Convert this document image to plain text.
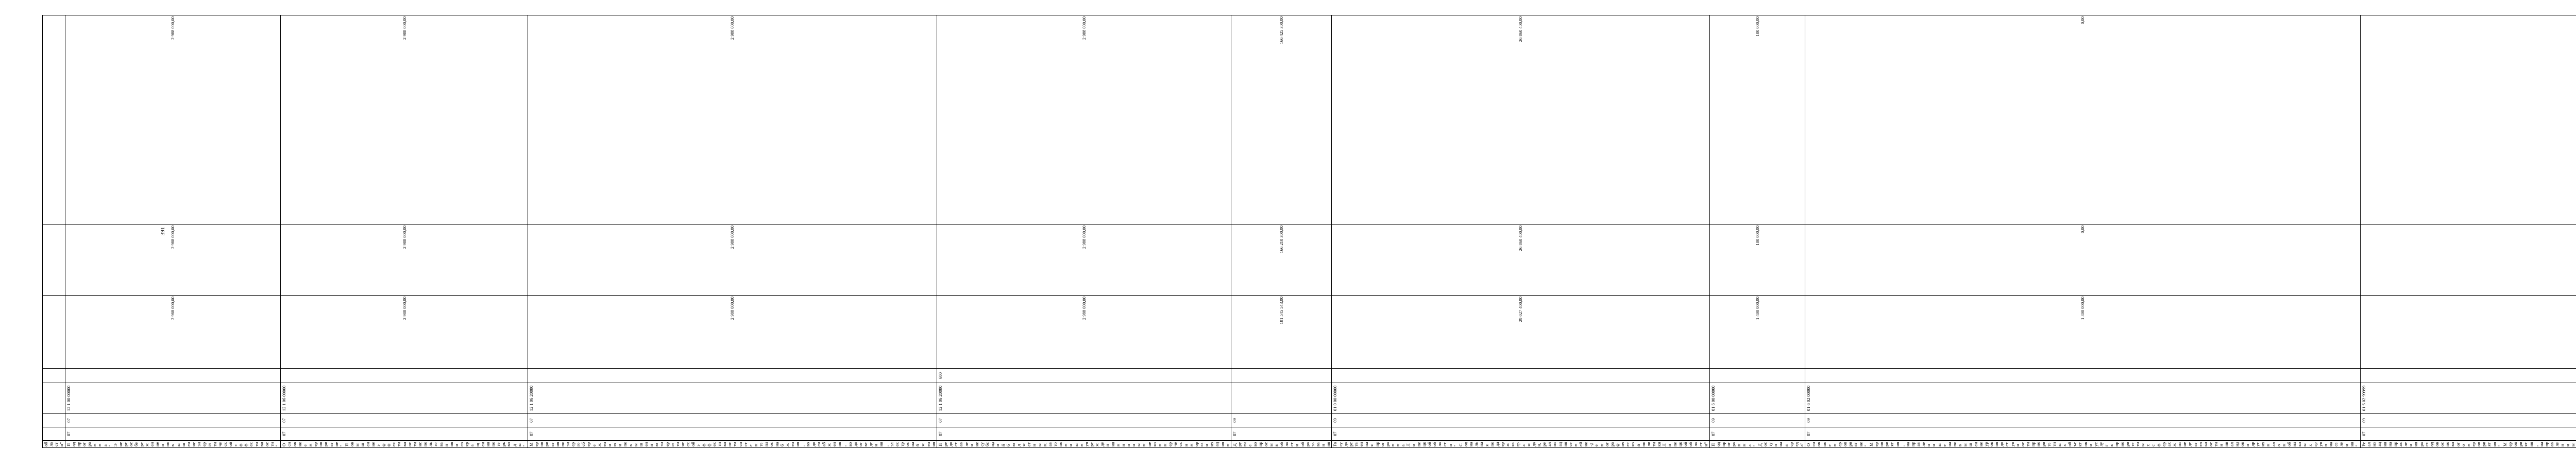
391
области"							
Подпрограмма "Энергосбережение и повышение энергетической эффективности"	07	07	12 1 00 00000		2 988 000,00	2 988 000,00	2 988 000,00
Основное мероприятие "Повышение эффективности использования и сокращения потерь воды"	07	07	12 1 06 00000		2 988 000,00	2 988 000,00	2 988 000,00
Мероприятия по энергосбережению и повышению энергетической эффективности систем теплоснабжения, водоснабжения, водоотведения, электроснабжения	07	07	12 1 06 20080		2 988 000,00	2 988 000,00	2 988 000,00
Предоставление субсидий бюджетным, автономным учреждениям и иным некоммерческим организациям	07	07	12 1 06 20080	600	2 988 000,00	2 988 000,00	2 988 000,00
Другие вопросы в области образования	07	09			181 545 543,00	166 210 300,00	166 425 300,00
Государственная программа Липецкой области "Социальная поддержка граждан, реализация семейно-демографической политики Липецкой области"	07	09	01 0 00 00000		29 027 400,00	26 860 400,00	26 860 400,00
Подпрограмма "Доступная среда"	07	09	01 6 00 00000		1 400 000,00	100 000,00	100 000,00
Основное мероприятие "Мероприятия, направленные на повышение уровня доступности приоритетных объектов и услуг в приоритетных сферах жизнедеятельности инвалидов и других маломобильных групп населения"	07	09	01 6 02 00000		1 300 000,00	0,00	0,00
Реализация направления расходов основного мероприятия "Мероприятия, направленны	07	09	01 6 02 99999				
